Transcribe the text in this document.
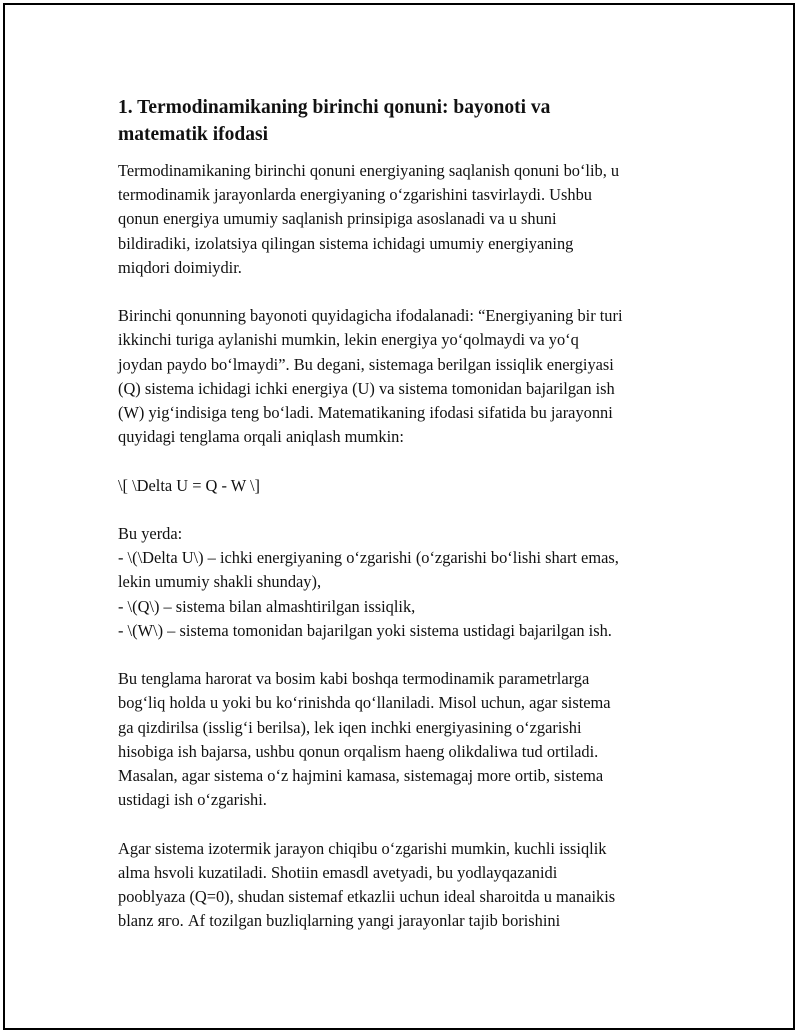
1. Termodinamikaning birinchi qonuni: bayonoti va
matematik ifodasi

Termodinamikaning birinchi qonuni energiyaning saqlanish qonuni bo‘lib, u
termodinamik jarayonlarda energiyaning o‘zgarishini tasvirlaydi. Ushbu
qonun energiya umumiy saqlanish prinsipiga asoslanadi va u shuni
bildiradiki, izolatsiya qilingan sistema ichidagi umumiy energiyaning
miqdori doimiydir.

Birinchi qonunning bayonoti quyidagicha ifodalanadi: “Energiyaning bir turi
ikkinchi turiga aylanishi mumkin, lekin energiya yo‘qolmaydi va yo‘q
joydan paydo bo‘lmaydi”. Bu degani, sistemaga berilgan issiqlik energiyasi
(Q) sistema ichidagi ichki energiya (U) va sistema tomonidan bajarilgan ish
(W) yig‘indisiga teng bo‘ladi. Matematikaning ifodasi sifatida bu jarayonni
quyidagi tenglama orqali aniqlash mumkin:

\[ \Delta U = Q - W \]

Bu yerda:
- \(\Delta U\) – ichki energiyaning o‘zgarishi (o‘zgarishi bo‘lishi shart emas,
lekin umumiy shakli shunday),
- \(Q\) – sistema bilan almashtirilgan issiqlik,
- \(W\) – sistema tomonidan bajarilgan yoki sistema ustidagi bajarilgan ish.

Bu tenglama harorat va bosim kabi boshqa termodinamik parametrlarga
bog‘liq holda u yoki bu ko‘rinishda qo‘llaniladi. Misol uchun, agar sistema
ga qizdirilsa (isslig‘i berilsa), lek iqen inchki energiyasining o‘zgarishi
hisobiga ish bajarsa, ushbu qonun orqalism haeng olikdaliwa tud ortiladi.
Masalan, agar sistema o‘z hajmini kamasa, sistemagaj more ortib, sistema
ustidagi ish o‘zgarishi.

Agar sistema izotermik jarayon chiqibu o‘zgarishi mumkin, kuchli issiqlik
alma hsvoli kuzatiladi. Shotiin emasdl avetyadi, bu yodlayqazanidi
pooblyaza (Q=0), shudan sistemaf etkazlii uchun ideal sharoitda u manaikis
blanz яго. Af tozilgan buzliqlarning yangi jarayonlar tajib borishini
